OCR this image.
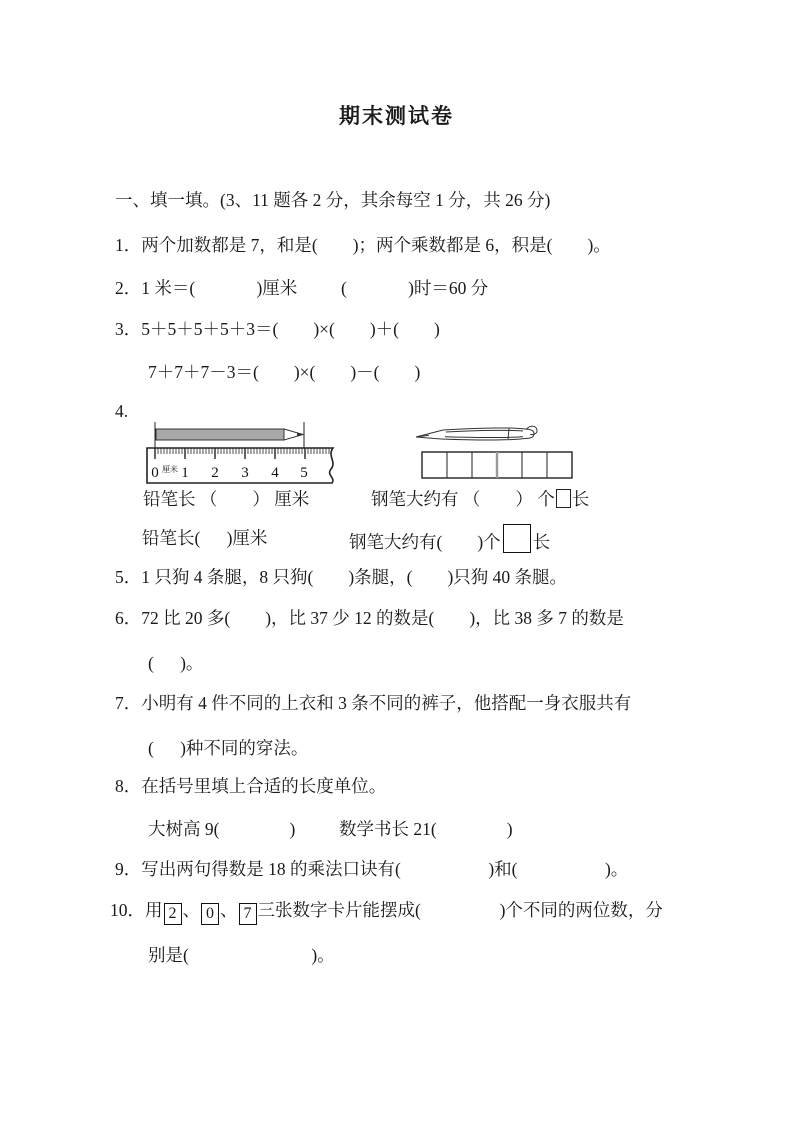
期末测试卷
一、填一填。(3、11 题各 2 分，其余每空 1 分，共 26 分)
1．两个加数都是 7，和是(  )；两个乘数都是 6，积是(  )。
2．1 米＝(    )厘米   (    )时＝60 分
3．5＋5＋5＋5＋3＝(  )×(  )＋(  )
7＋7＋7－3＝(  )×(  )－(  )
4.
0 1 2 3 4 5
厘米
铅笔长 （  ） 厘米	钢笔大约有 （  ） 个 长
铅笔长(  )厘米	钢笔大约有(  )个 长
5．1 只狗 4 条腿，8 只狗(  )条腿，(  )只狗 40 条腿。
6．72 比 20 多(  )，比 37 少 12 的数是(  )，比 38 多 7 的数是
(  )。
7．小明有 4 件不同的上衣和 3 条不同的裤子，他搭配一身衣服共有
(  )种不同的穿法。
8．在括号里填上合适的长度单位。
大树高 9(    )   数学书长 21(    )
9．写出两句得数是 18 的乘法口诀有(     )和(     )。
10．用 2 、 0 、 7 三张数字卡片能摆成(     )个不同的两位数，分
别是(       )。
